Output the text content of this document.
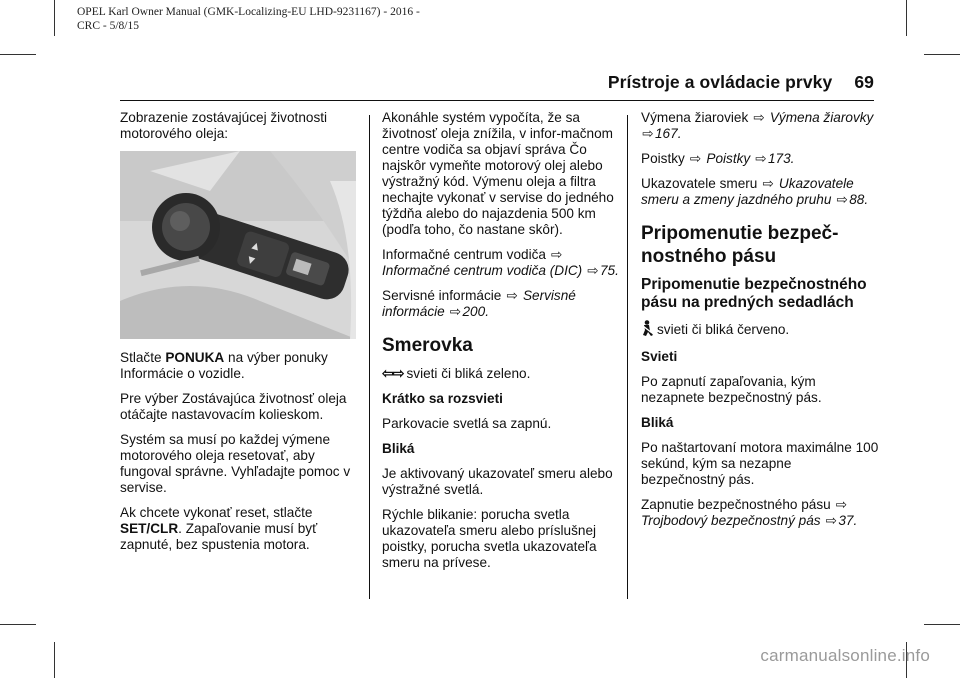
OPEL Karl Owner Manual (GMK-Localizing-EU LHD-9231167) - 2016 -
CRC - 5/8/15
Prístroje a ovládacie prvky 69

Zobrazenie zostávajúcej životnosti motorového oleja:

▲
▼

Stlačte PONUKA na výber ponuky Informácie o vozidle.

Pre výber Zostávajúca životnosť oleja otáčajte nastavovacím kolieskom.

Systém sa musí po každej výmene motorového oleja resetovať, aby fungoval správne. Vyhľadajte pomoc v servise.

Ak chcete vykonať reset, stlačte SET/CLR. Zapaľovanie musí byť zapnuté, bez spustenia motora.

Akonáhle systém vypočíta, že sa životnosť oleja znížila, v infor-mačnom centre vodiča sa objaví správa Čo najskôr vymeňte motorový olej alebo výstražný kód. Výmenu oleja a filtra nechajte vykonať v servise do jedného týždňa alebo do najazdenia 500 km (podľa toho, čo nastane skôr).

Informačné centrum vodiča ⇨
Informačné centrum vodiča (DIC) ⇨75.

Servisné informácie ⇨ Servisné informácie ⇨200.

Smerovka

⇦⇨ svieti či bliká zeleno.

Krátko sa rozsvieti

Parkovacie svetlá sa zapnú.

Bliká

Je aktivovaný ukazovateľ smeru alebo výstražné svetlá.

Rýchle blikanie: porucha svetla ukazovateľa smeru alebo príslušnej poistky, porucha svetla ukazovateľa smeru na prívese.

Výmena žiaroviek ⇨ Výmena žiarovky ⇨167.

Poistky ⇨ Poistky ⇨173.

Ukazovatele smeru ⇨ Ukazovatele smeru a zmeny jazdného pruhu ⇨88.

Pripomenutie bezpeč-nostného pásu
Pripomenutie bezpečnostného pásu na predných sedadlách

svieti či bliká červeno.

Svieti

Po zapnutí zapaľovania, kým nezapnete bezpečnostný pás.

Bliká

Po naštartovaní motora maximálne 100 sekúnd, kým sa nezapne bezpečnostný pás.

Zapnutie bezpečnostného pásu ⇨
Trojbodový bezpečnostný pás ⇨37.

carmanualsonline.info
